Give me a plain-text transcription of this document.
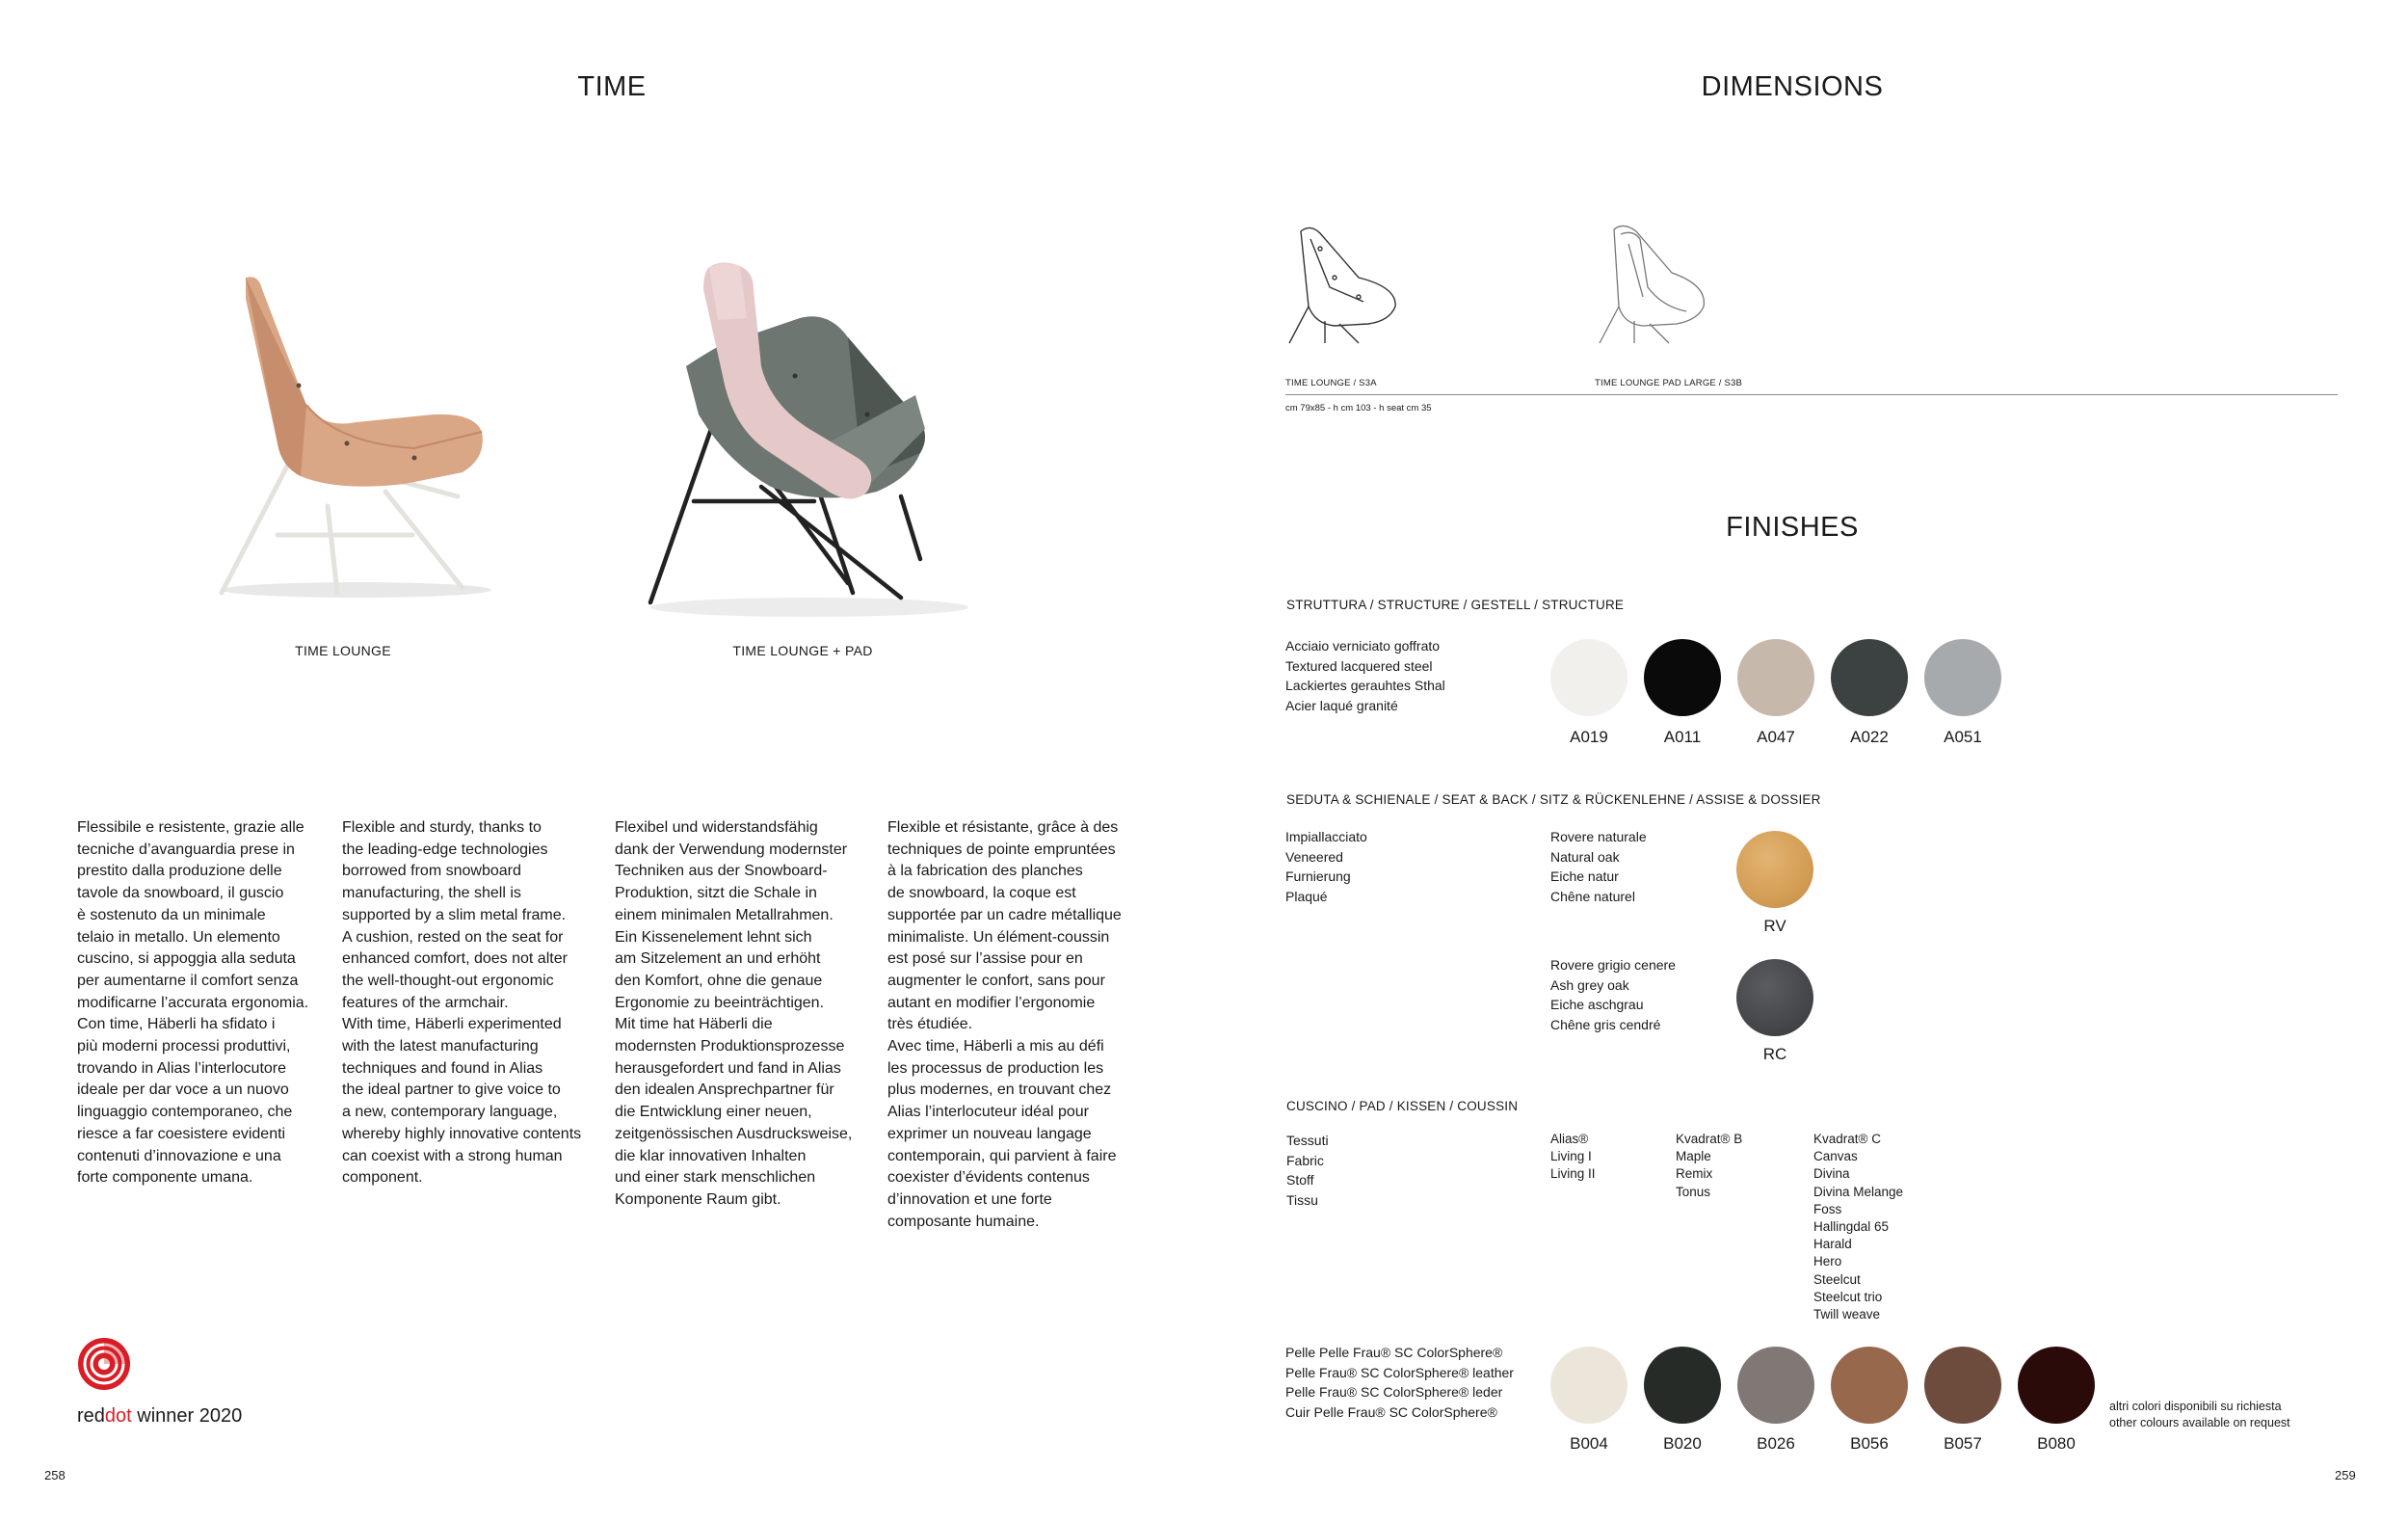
TIME
TIME LOUNGE	TIME LOUNGE + PAD
Flessibile e resistente, grazie alle
tecniche d’avanguardia prese in
prestito dalla produzione delle
tavole da snowboard, il guscio
è sostenuto da un minimale
telaio in metallo. Un elemento
cuscino, si appoggia alla seduta
per aumentarne il comfort senza
modificarne l’accurata ergonomia.
Con time, Häberli ha sfidato i
più moderni processi produttivi,
trovando in Alias l’interlocutore
ideale per dar voce a un nuovo
linguaggio contemporaneo, che
riesce a far coesistere evidenti
contenuti d’innovazione e una
forte componente umana.
Flexible and sturdy, thanks to
the leading-edge technologies
borrowed from snowboard
manufacturing, the shell is
supported by a slim metal frame.
A cushion, rested on the seat for
enhanced comfort, does not alter
the well-thought-out ergonomic
features of the armchair.
With time, Häberli experimented
with the latest manufacturing
techniques and found in Alias
the ideal partner to give voice to
a new, contemporary language,
whereby highly innovative contents
can coexist with a strong human
component.
Flexibel und widerstandsfähig
dank der Verwendung modernster
Techniken aus der Snowboard-
Produktion, sitzt die Schale in
einem minimalen Metallrahmen.
Ein Kissenelement lehnt sich
am Sitzelement an und erhöht
den Komfort, ohne die genaue
Ergonomie zu beeinträchtigen.
Mit time hat Häberli die
modernsten Produktionsprozesse
herausgefordert und fand in Alias
den idealen Ansprechpartner für
die Entwicklung einer neuen,
zeitgenössischen Ausdrucksweise,
die klar innovativen Inhalten
und einer stark menschlichen
Komponente Raum gibt.
Flexible et résistante, grâce à des
techniques de pointe empruntées
à la fabrication des planches
de snowboard, la coque est
supportée par un cadre métallique
minimaliste. Un élément-coussin
est posé sur l’assise pour en
augmenter le confort, sans pour
autant en modifier l’ergonomie
très étudiée.
Avec time, Häberli a mis au défi
les processus de production les
plus modernes, en trouvant chez
Alias l’interlocuteur idéal pour
exprimer un nouveau langage
contemporain, qui parvient à faire
coexister d’évidents contenus
d’innovation et une forte
composante humaine.
reddot winner 2020
258
DIMENSIONS
TIME LOUNGE / S3A	TIME LOUNGE PAD LARGE / S3B
cm 79x85 - h cm 103 - h seat cm 35
FINISHES
STRUTTURA / STRUCTURE / GESTELL / STRUCTURE
Acciaio verniciato goffrato
Textured lacquered steel
Lackiertes gerauhtes Sthal
Acier laqué granité
A019	A011	A047	A022	A051
SEDUTA & SCHIENALE / SEAT & BACK / SITZ & RÜCKENLEHNE / ASSISE & DOSSIER
Impiallacciato
Veneered
Furnierung
Plaqué
Rovere naturale
Natural oak
Eiche natur
Chêne naturel
RV
Rovere grigio cenere
Ash grey oak
Eiche aschgrau
Chêne gris cendré
RC
CUSCINO / PAD / KISSEN / COUSSIN
Tessuti
Fabric
Stoff
Tissu
Alias®
Living I
Living II
Kvadrat® B
Maple
Remix
Tonus
Kvadrat® C
Canvas
Divina
Divina Melange
Foss
Hallingdal 65
Harald
Hero
Steelcut
Steelcut trio
Twill weave
Pelle Pelle Frau® SC ColorSphere®
Pelle Frau® SC ColorSphere® leather
Pelle Frau® SC ColorSphere® leder
Cuir Pelle Frau® SC ColorSphere®
B004	B020	B026	B056	B057	B080
altri colori disponibili su richiesta
other colours available on request
259
